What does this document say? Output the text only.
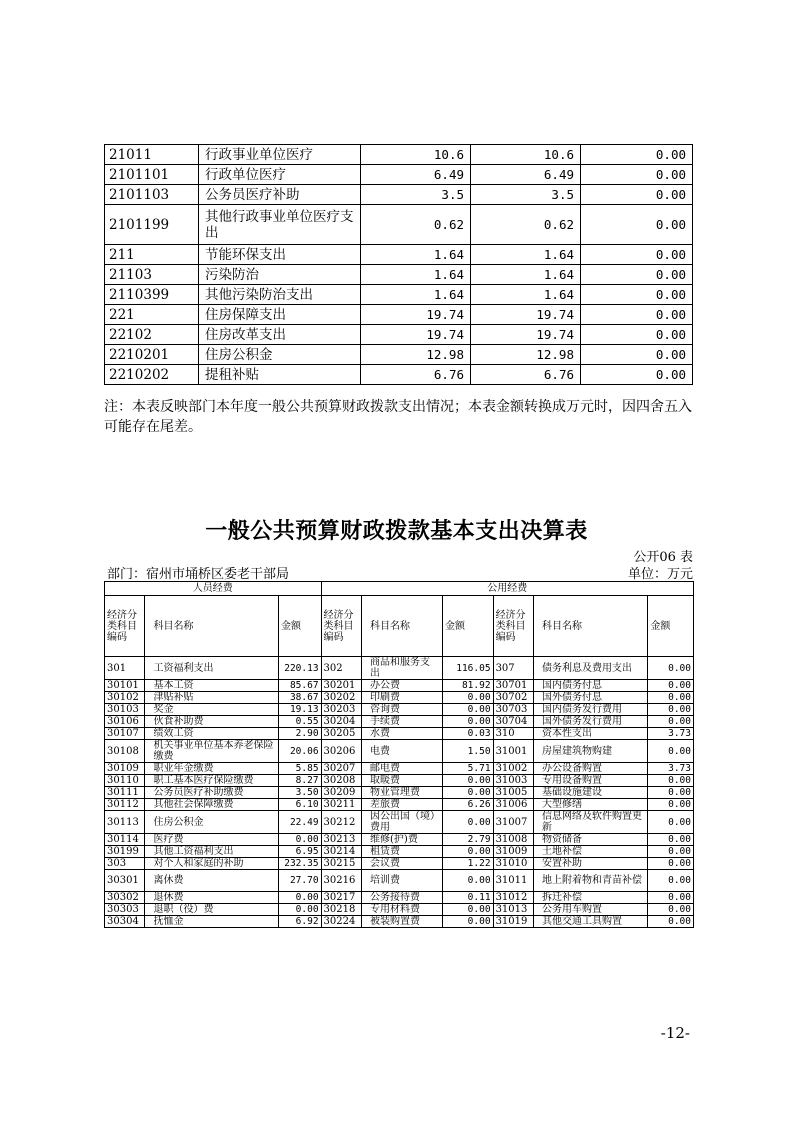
21011	行政事业单位医疗	10.6	10.6	0.00
2101101	行政单位医疗	6.49	6.49	0.00
2101103	公务员医疗补助	3.5	3.5	0.00
2101199	其他行政事业单位医疗支出	0.62	0.62	0.00
211	节能环保支出	1.64	1.64	0.00
21103	污染防治	1.64	1.64	0.00
2110399	其他污染防治支出	1.64	1.64	0.00
221	住房保障支出	19.74	19.74	0.00
22102	住房改革支出	19.74	19.74	0.00
2210201	住房公积金	12.98	12.98	0.00
2210202	提租补贴	6.76	6.76	0.00
注：本表反映部门本年度一般公共预算财政拨款支出情况；本表金额转换成万元时，因四舍五入可能存在尾差。
一般公共预算财政拨款基本支出决算表
公开06 表
部门：宿州市埇桥区委老干部局	单位：万元
人员经费			公用经费					
经济分类科目编码	科目名称	金额	经济分类科目编码	科目名称	金额	经济分类科目编码	科目名称	金额
301	工资福利支出	220.13	302	商品和服务支出	116.05	307	债务利息及费用支出	0.00
30101	基本工资	85.67	30201	办公费	81.92	30701	国内债务付息	0.00
30102	津贴补贴	38.67	30202	印刷费	0.00	30702	国外债务付息	0.00
30103	奖金	19.13	30203	咨询费	0.00	30703	国内债务发行费用	0.00
30106	伙食补助费	0.55	30204	手续费	0.00	30704	国外债务发行费用	0.00
30107	绩效工资	2.90	30205	水费	0.03	310	资本性支出	3.73
30108	机关事业单位基本养老保险缴费	20.06	30206	电费	1.50	31001	房屋建筑物购建	0.00
30109	职业年金缴费	5.85	30207	邮电费	5.71	31002	办公设备购置	3.73
30110	职工基本医疗保险缴费	8.27	30208	取暖费	0.00	31003	专用设备购置	0.00
30111	公务员医疗补助缴费	3.50	30209	物业管理费	0.00	31005	基础设施建设	0.00
30112	其他社会保障缴费	6.10	30211	差旅费	6.26	31006	大型修缮	0.00
30113	住房公积金	22.49	30212	因公出国（境）费用	0.00	31007	信息网络及软件购置更新	0.00
30114	医疗费	0.00	30213	维修(护)费	2.79	31008	物资储备	0.00
30199	其他工资福利支出	6.95	30214	租赁费	0.00	31009	土地补偿	0.00
303	对个人和家庭的补助	232.35	30215	会议费	1.22	31010	安置补助	0.00
30301	离休费	27.70	30216	培训费	0.00	31011	地上附着物和青苗补偿	0.00
30302	退休费	0.00	30217	公务接待费	0.11	31012	拆迁补偿	0.00
30303	退职（役）费	0.00	30218	专用材料费	0.00	31013	公务用车购置	0.00
30304	抚恤金	6.92	30224	被装购置费	0.00	31019	其他交通工具购置	0.00
-12-
